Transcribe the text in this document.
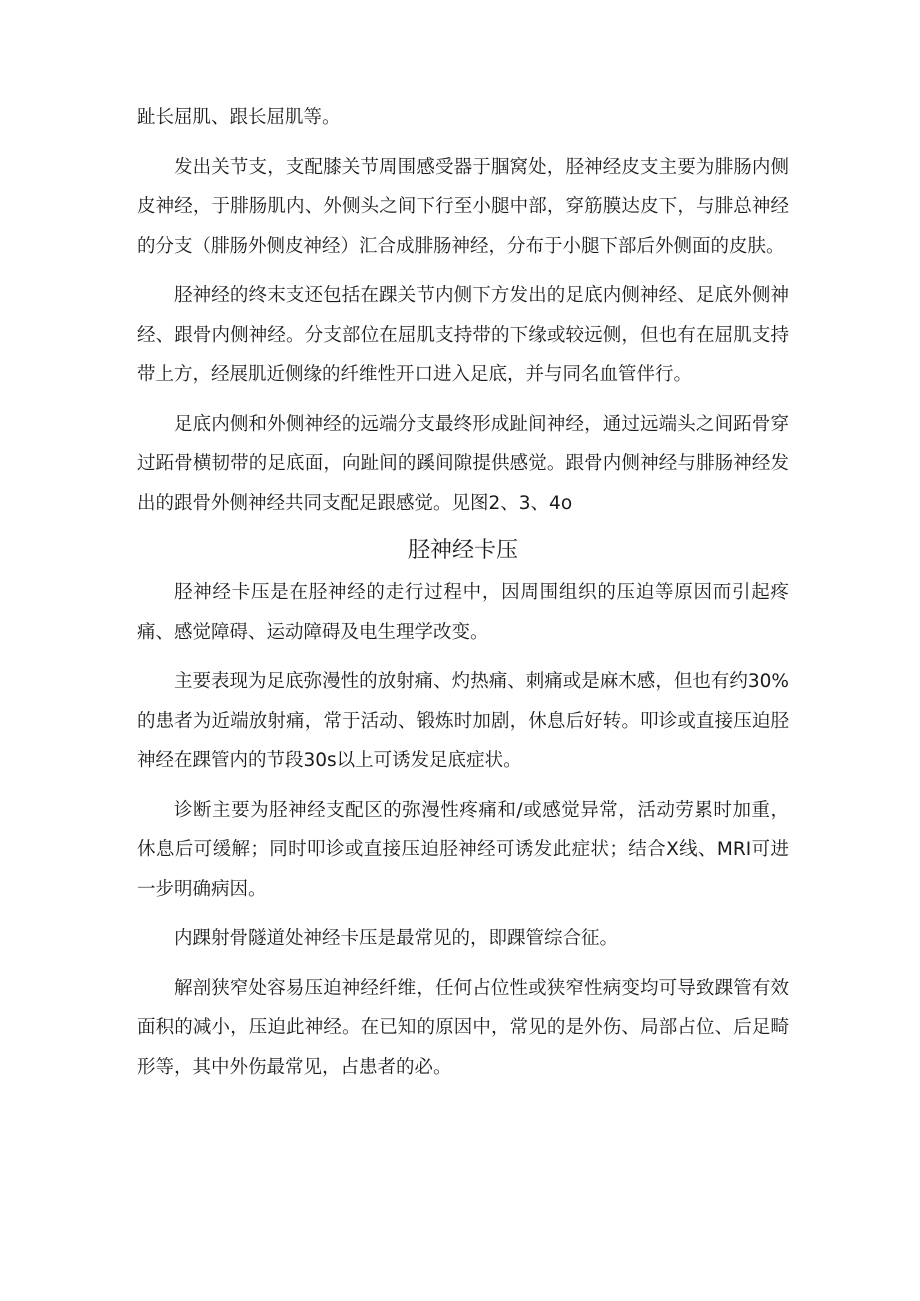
趾长屈肌、跟长屈肌等。

发出关节支，支配膝关节周围感受器于腘窝处，胫神经皮支主要为腓肠内侧皮神经，于腓肠肌内、外侧头之间下行至小腿中部，穿筋膜达皮下，与腓总神经的分支（腓肠外侧皮神经）汇合成腓肠神经，分布于小腿下部后外侧面的皮肤。

胫神经的终末支还包括在踝关节内侧下方发出的足底内侧神经、足底外侧神经、跟骨内侧神经。分支部位在屈肌支持带的下缘或较远侧，但也有在屈肌支持带上方，经展肌近侧缘的纤维性开口进入足底，并与同名血管伴行。

足底内侧和外侧神经的远端分支最终形成趾间神经，通过远端头之间跖骨穿过跖骨横韧带的足底面，向趾间的蹊间隙提供感觉。跟骨内侧神经与腓肠神经发出的跟骨外侧神经共同支配足跟感觉。见图2、3、4o

胫神经卡压

胫神经卡压是在胫神经的走行过程中，因周围组织的压迫等原因而引起疼痛、感觉障碍、运动障碍及电生理学改变。

主要表现为足底弥漫性的放射痛、灼热痛、刺痛或是麻木感，但也有约30%的患者为近端放射痛，常于活动、锻炼时加剧，休息后好转。叩诊或直接压迫胫神经在踝管内的节段30s以上可诱发足底症状。

诊断主要为胫神经支配区的弥漫性疼痛和/或感觉异常，活动劳累时加重，休息后可缓解；同时叩诊或直接压迫胫神经可诱发此症状；结合X线、MRI可进一步明确病因。

内踝射骨隧道处神经卡压是最常见的，即踝管综合征。

解剖狭窄处容易压迫神经纤维，任何占位性或狭窄性病变均可导致踝管有效面积的减小，压迫此神经。在已知的原因中，常见的是外伤、局部占位、后足畸形等，其中外伤最常见，占患者的必。
